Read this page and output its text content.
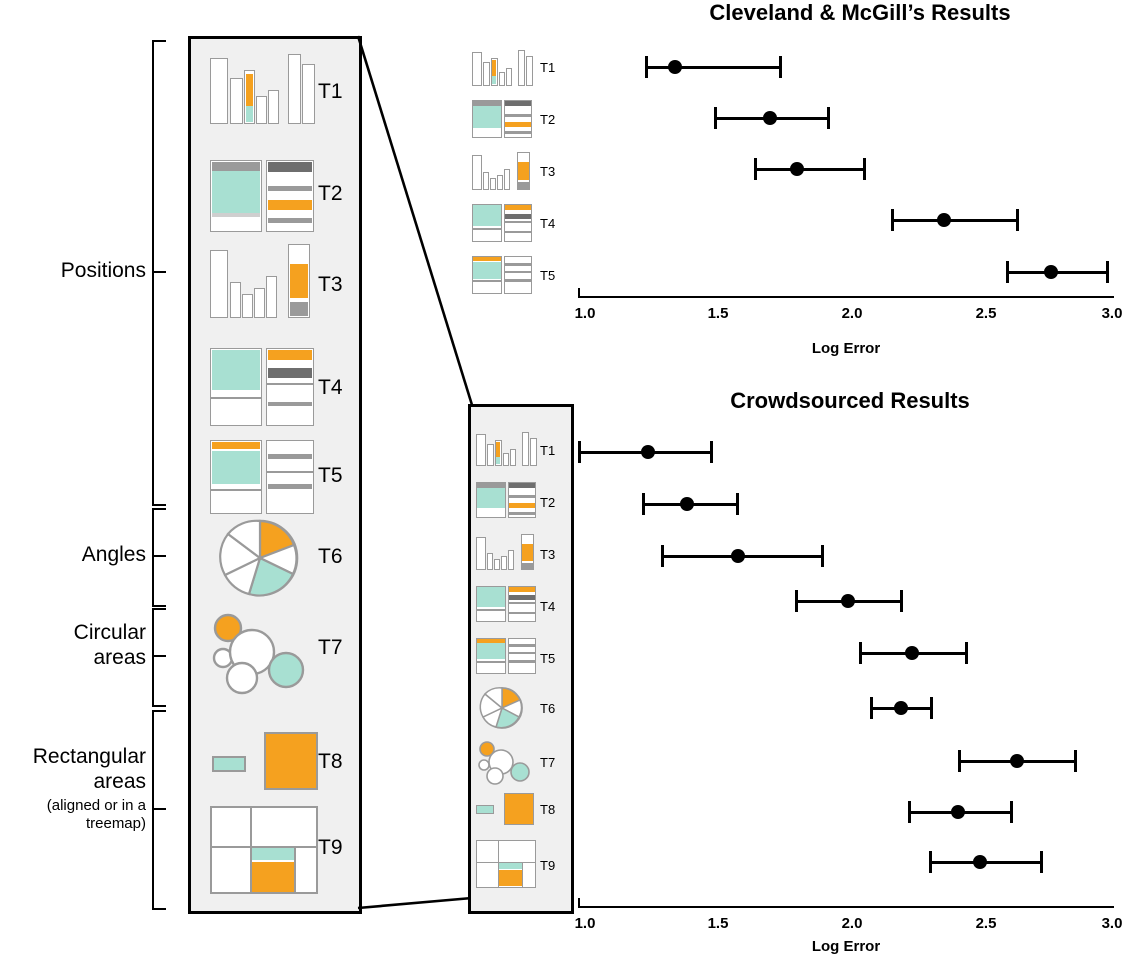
Positions
Angles
Circular
areas
Rectangular
areas
(aligned or in a
treemap)
T1
T2
T3
T4
T5
T6
T7
T8
T9
T1
T2
T3
T4
T5
T1
T2
T3
T4
T5
T6
T7
T8
T9
Cleveland & McGill’s Results
1.0	1.5	2.0	2.5	3.0
Log Error
Crowdsourced Results
1.0	1.5	2.0	2.5	3.0
Log Error
